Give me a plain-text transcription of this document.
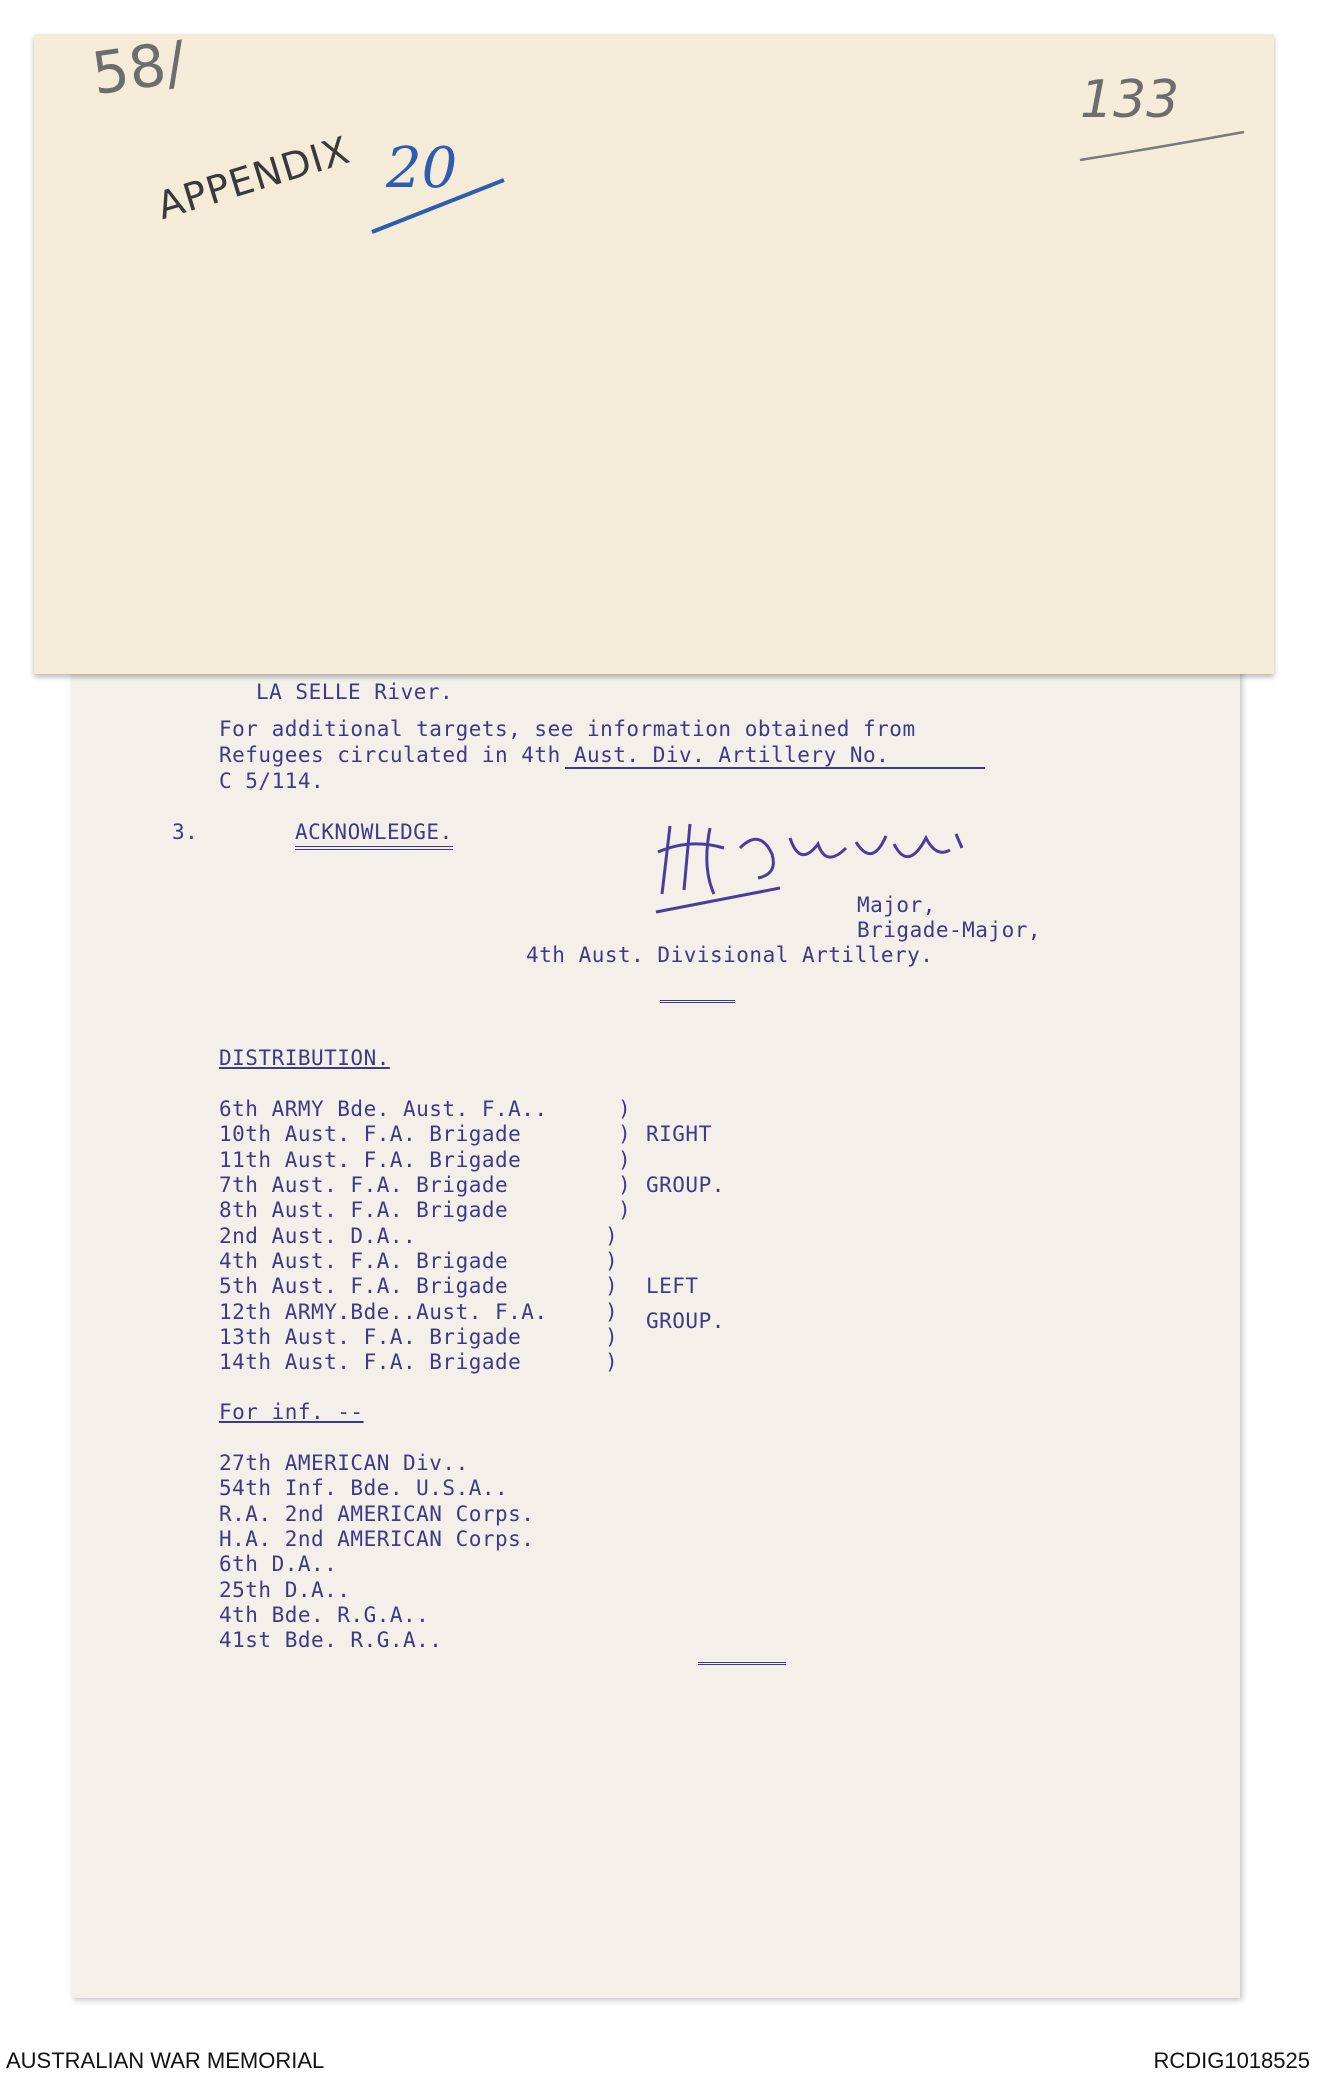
58/
APPENDIX 20
133
LA SELLE River.
For additional targets, see information obtained from
Refugees circulated in 4th Aust. Div. Artillery No.
C 5/114.
3.	ACKNOWLEDGE.
Major,
Brigade-Major,
4th Aust. Divisional Artillery.
DISTRIBUTION.
6th ARMY Bde. Aust. F.A..
10th Aust. F.A. Brigade
11th Aust. F.A. Brigade
7th Aust. F.A. Brigade
8th Aust. F.A. Brigade
2nd Aust. D.A..
4th Aust. F.A. Brigade
5th Aust. F.A. Brigade
12th ARMY.Bde..Aust. F.A.
13th Aust. F.A. Brigade
14th Aust. F.A. Brigade
)
)
)
)
)
)
)
)
)
)
)
RIGHT
GROUP.
LEFT
GROUP.
For inf. --
27th AMERICAN Div..
54th Inf. Bde. U.S.A..
R.A. 2nd AMERICAN Corps.
H.A. 2nd AMERICAN Corps.
6th D.A..
25th D.A..
4th Bde. R.G.A..
41st Bde. R.G.A..
AUSTRALIAN WAR MEMORIAL	RCDIG1018525
